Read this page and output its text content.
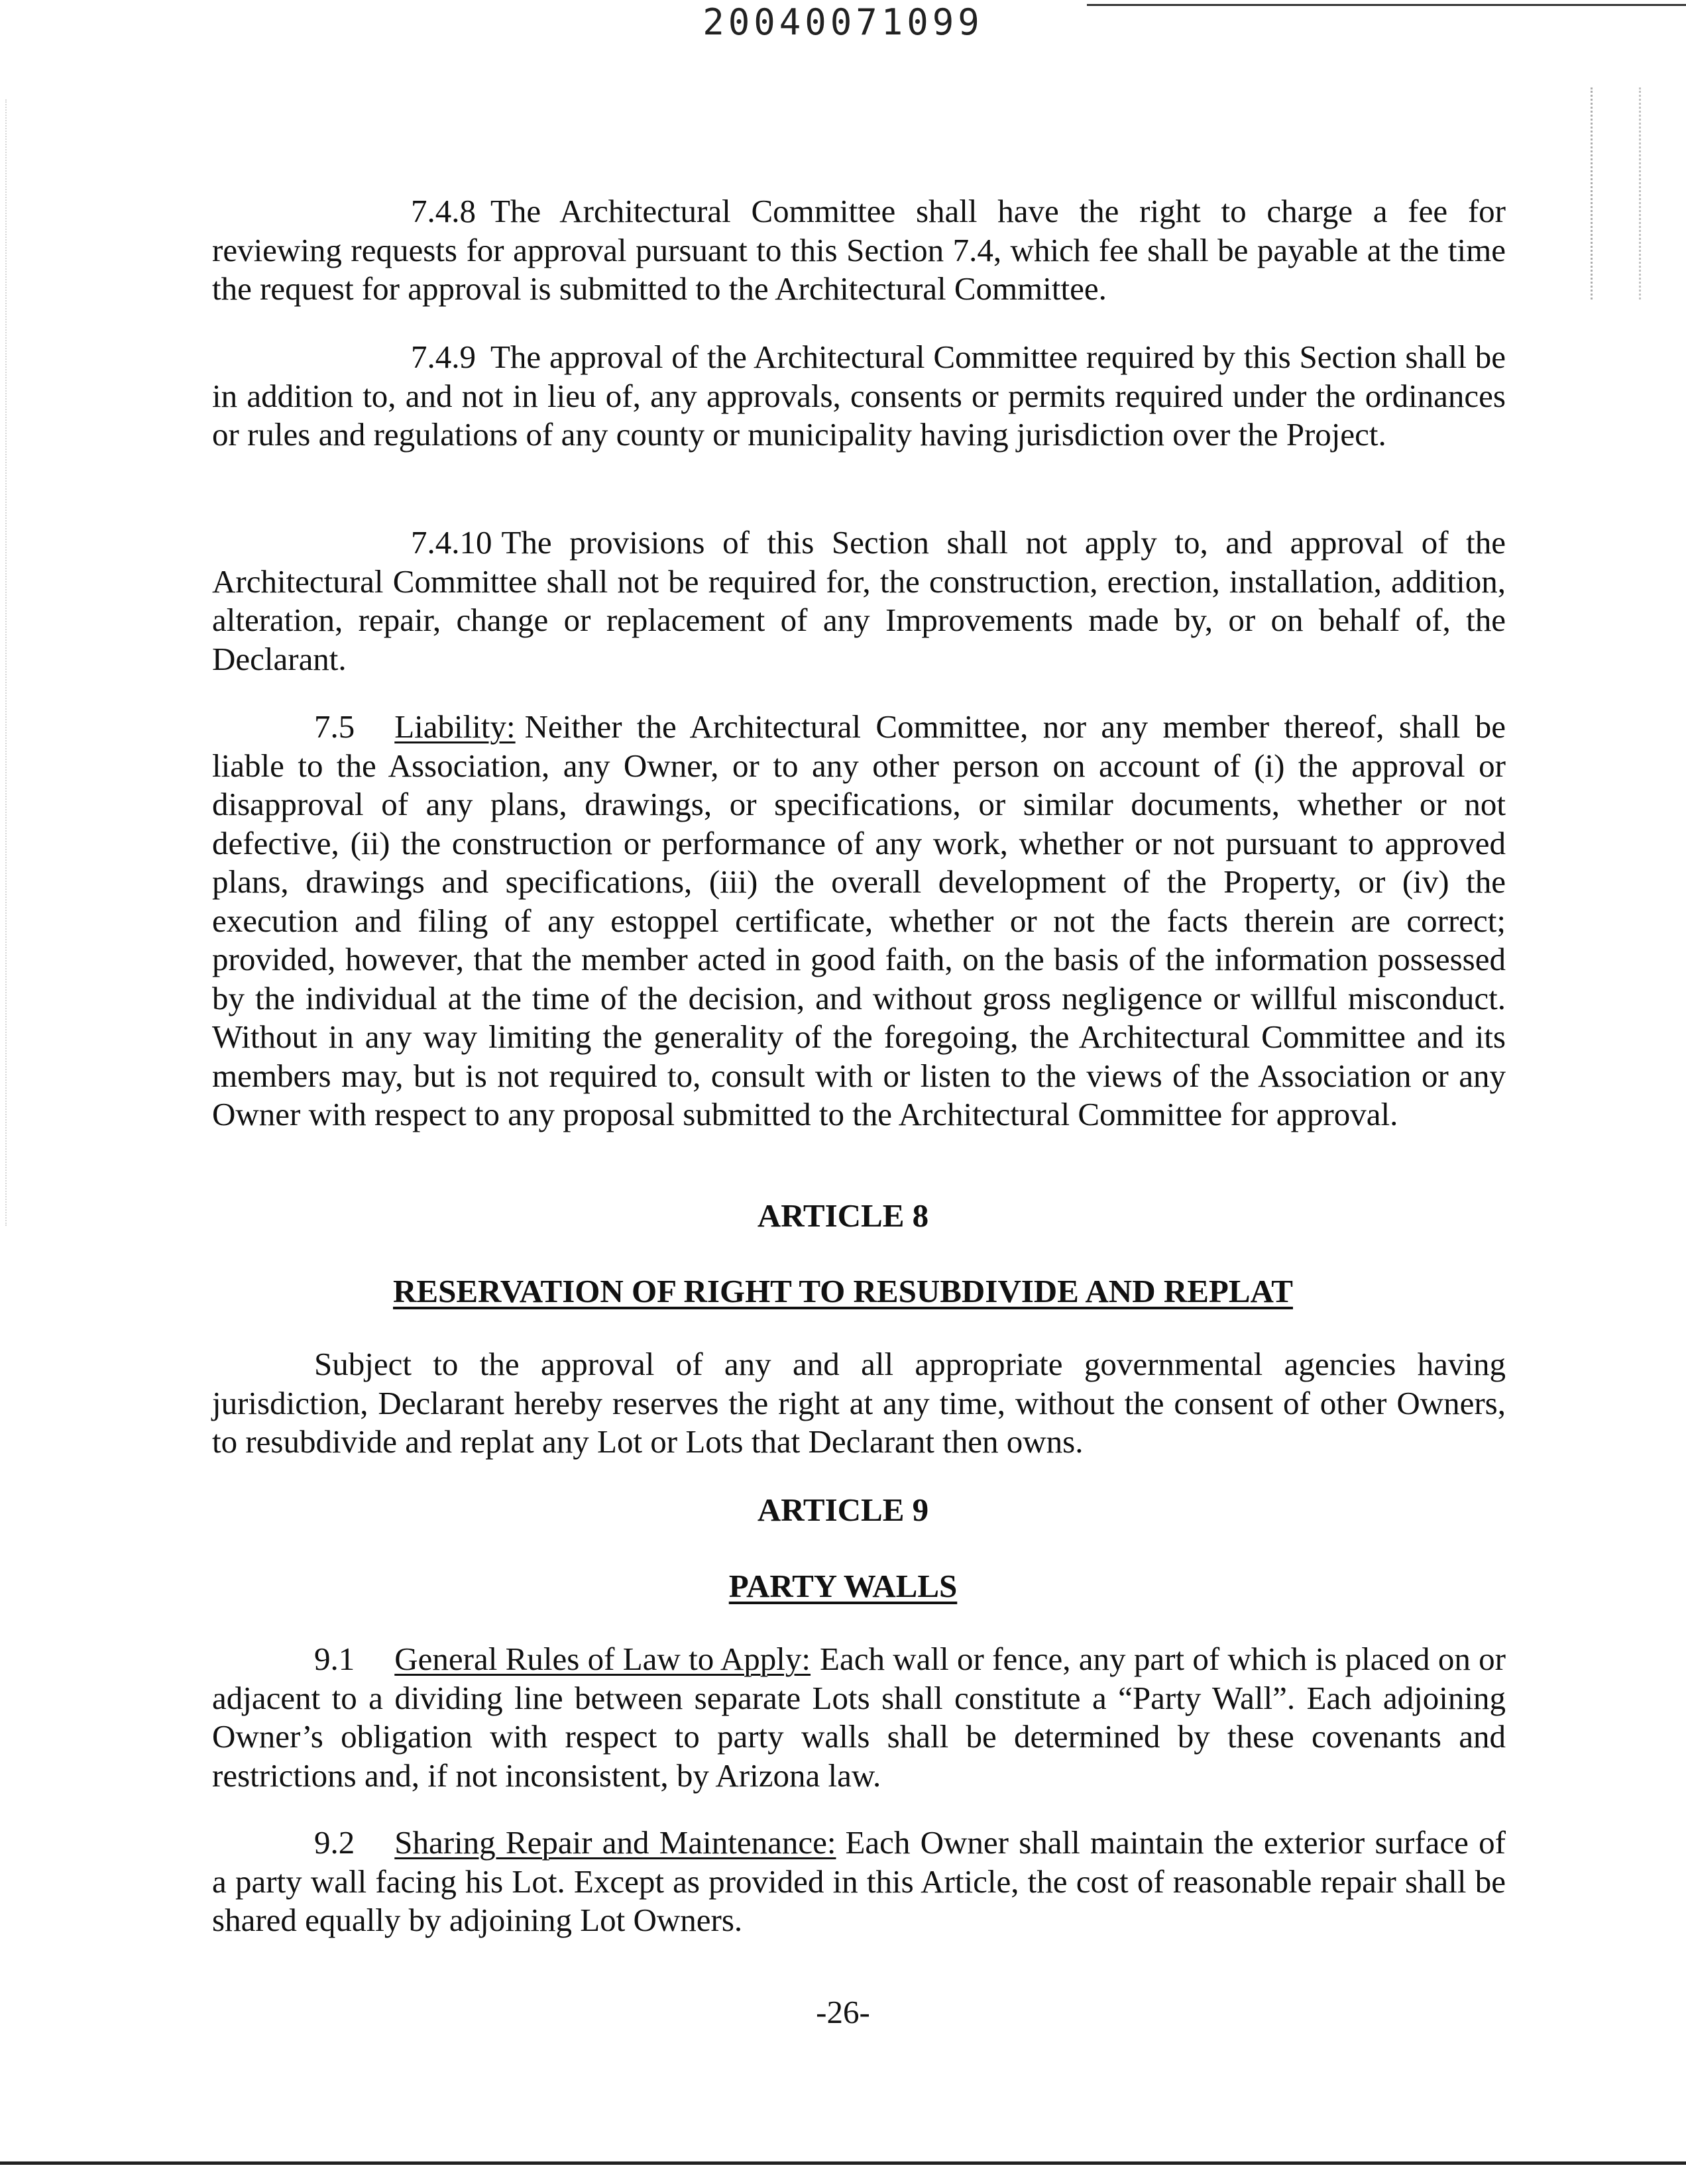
20040071099
7.4.8 The Architectural Committee shall have the right to charge a fee for reviewing requests for approval pursuant to this Section 7.4, which fee shall be payable at the time the request for approval is submitted to the Architectural Committee.
7.4.9 The approval of the Architectural Committee required by this Section shall be in addition to, and not in lieu of, any approvals, consents or permits required under the ordinances or rules and regulations of any county or municipality having jurisdiction over the Project.
7.4.10 The provisions of this Section shall not apply to, and approval of the Architectural Committee shall not be required for, the construction, erection, installation, addition, alteration, repair, change or replacement of any Improvements made by, or on behalf of, the Declarant.
7.5 Liability: Neither the Architectural Committee, nor any member thereof, shall be liable to the Association, any Owner, or to any other person on account of (i) the approval or disapproval of any plans, drawings, or specifications, or similar documents, whether or not defective, (ii) the construction or performance of any work, whether or not pursuant to approved plans, drawings and specifications, (iii) the overall development of the Property, or (iv) the execution and filing of any estoppel certificate, whether or not the facts therein are correct; provided, however, that the member acted in good faith, on the basis of the information possessed by the individual at the time of the decision, and without gross negligence or willful misconduct. Without in any way limiting the generality of the foregoing, the Architectural Committee and its members may, but is not required to, consult with or listen to the views of the Association or any Owner with respect to any proposal submitted to the Architectural Committee for approval.
ARTICLE 8
RESERVATION OF RIGHT TO RESUBDIVIDE AND REPLAT
Subject to the approval of any and all appropriate governmental agencies having jurisdiction, Declarant hereby reserves the right at any time, without the consent of other Owners, to resubdivide and replat any Lot or Lots that Declarant then owns.
ARTICLE 9
PARTY WALLS
9.1 General Rules of Law to Apply: Each wall or fence, any part of which is placed on or adjacent to a dividing line between separate Lots shall constitute a “Party Wall”. Each adjoining Owner’s obligation with respect to party walls shall be determined by these covenants and restrictions and, if not inconsistent, by Arizona law.
9.2 Sharing Repair and Maintenance: Each Owner shall maintain the exterior surface of a party wall facing his Lot. Except as provided in this Article, the cost of reasonable repair shall be shared equally by adjoining Lot Owners.
-26-
